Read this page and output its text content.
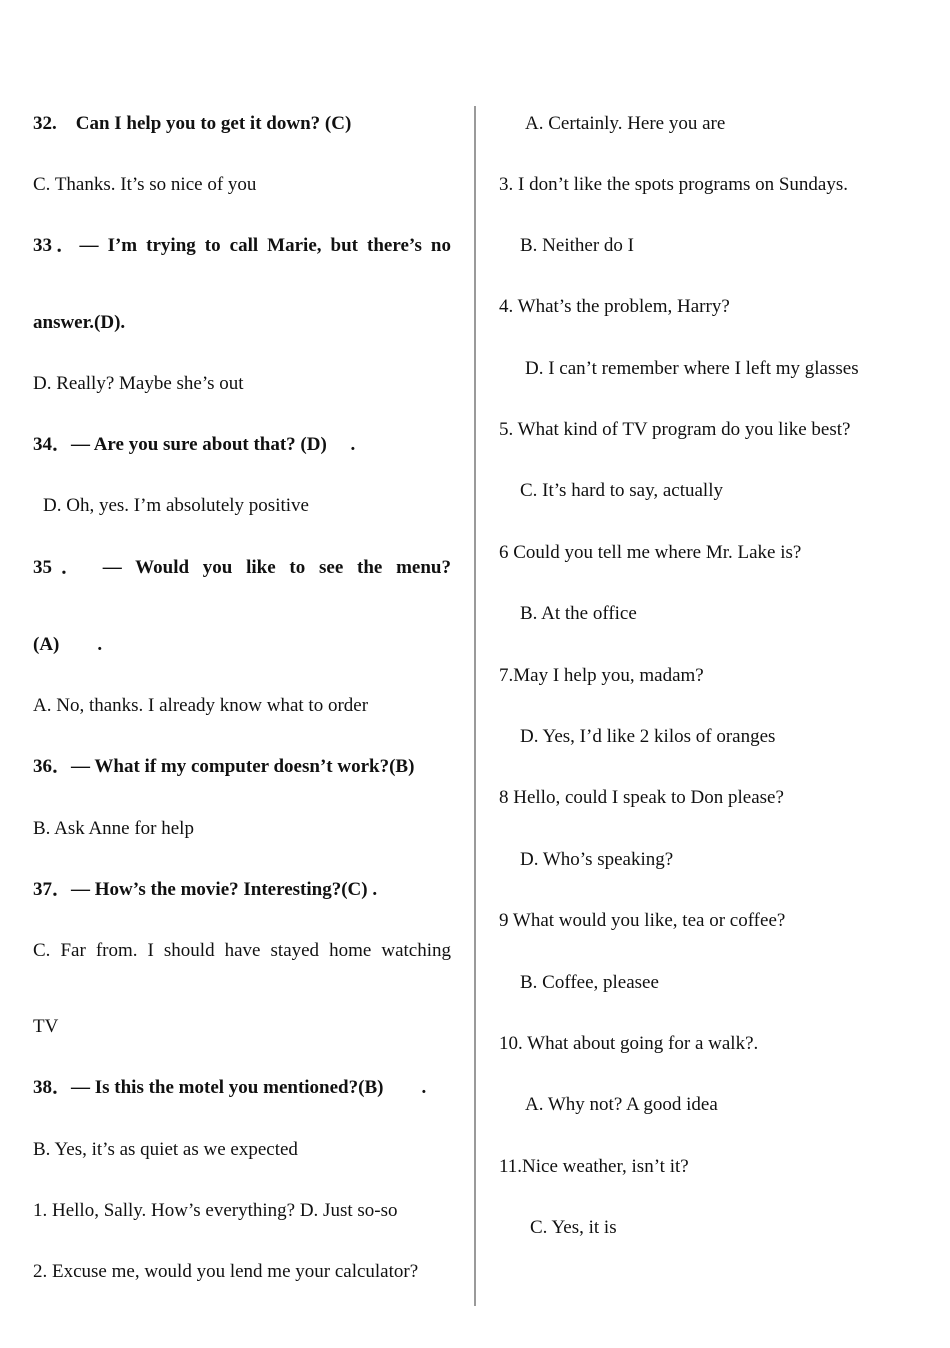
32.　Can I help you to get it down? (C)
C. Thanks. It’s so nice of you
33．— I’m trying to call Marie, but there’s no
answer.(D).
D. Really? Maybe she’s out
34．— Are you sure about that? (D)　 .
D. Oh, yes. I’m absolutely positive
35． — Would you like to see the menu?
(A)　　.
A. No, thanks. I already know what to order
36．— What if my computer doesn’t work?(B)
B. Ask Anne for help
37．— How’s the movie? Interesting?(C) .
C. Far from. I should have stayed home watching
TV
38．— Is this the motel you mentioned?(B)　　.
B. Yes, it’s as quiet as we expected
1. Hello, Sally. How’s everything? D. Just so-so
2. Excuse me, would you lend me your calculator?
A. Certainly. Here you are
3. I don’t like the spots programs on Sundays.
B. Neither do I
4. What’s the problem, Harry?
D. I can’t remember where I left my glasses
5. What kind of TV program do you like best?
C. It’s hard to say, actually
6 Could you tell me where Mr. Lake is?
B. At the office
7.May I help you, madam?
D. Yes, I’d like 2 kilos of oranges
8 Hello, could I speak to Don please?
D. Who’s speaking?
9 What would you like, tea or coffee?
B. Coffee, pleasee
10. What about going for a walk?.
A. Why not? A good idea
11.Nice weather, isn’t it?
C. Yes, it is
